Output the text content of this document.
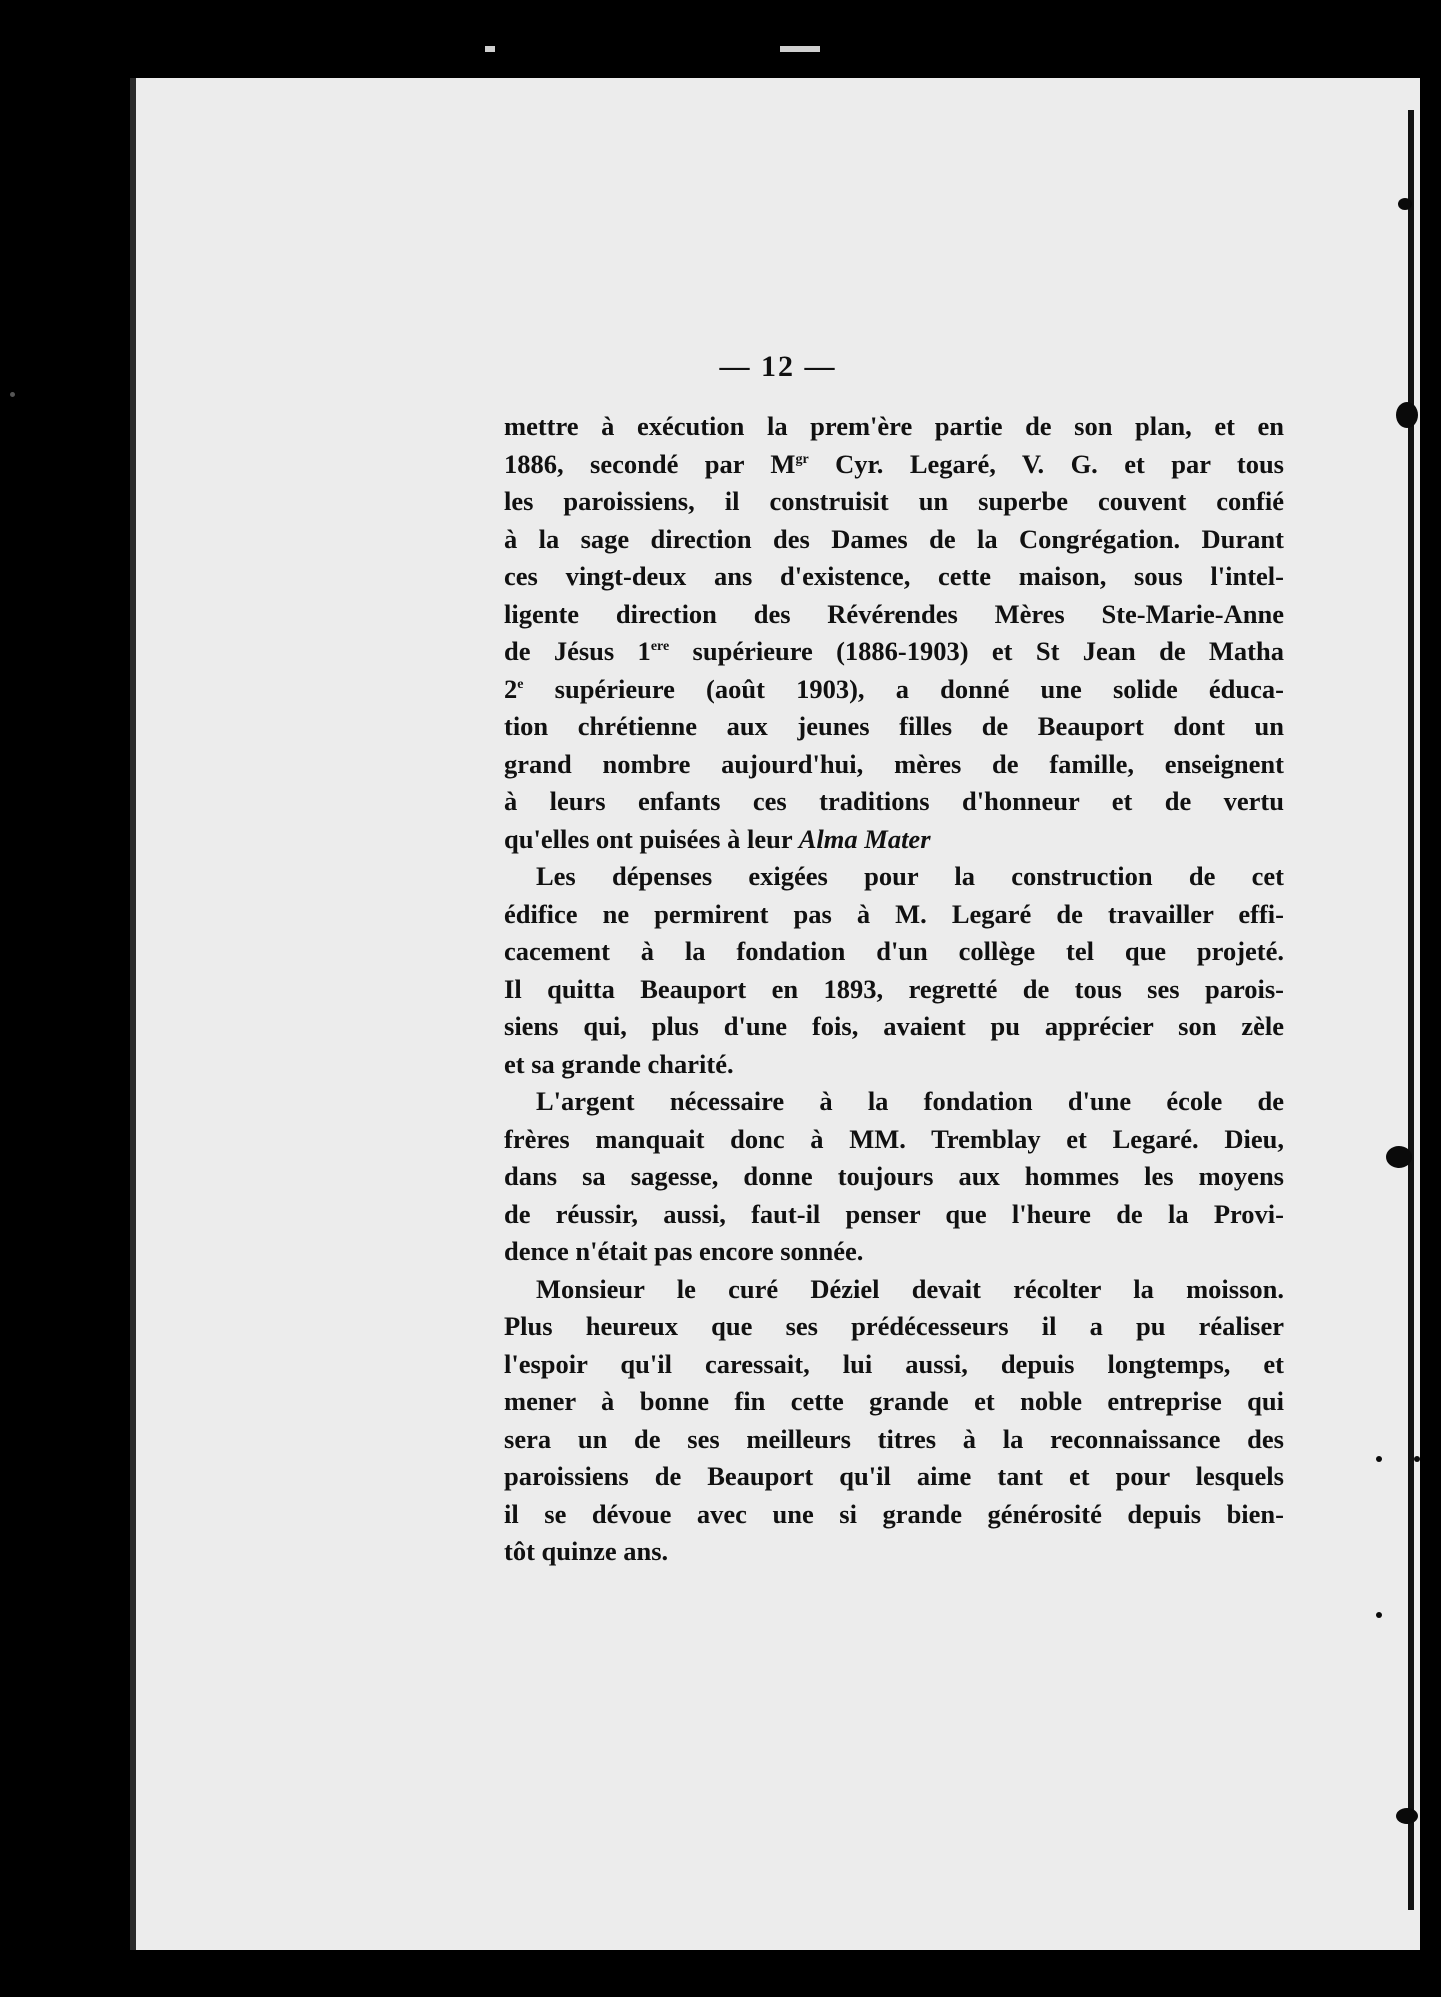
— 12 —
mettre à exécution la prem'ère partie de son plan, et en
1886, secondé par $M^{gr}$ Cyr. Legaré, V. G. et par tous
les paroissiens, il construisit un superbe couvent confié
à la sage direction des Dames de la Congrégation. Durant
ces vingt-deux ans d'existence, cette maison, sous l'intel-
ligente direction des Révérendes Mères Ste-Marie-Anne
de Jésus 1ere supérieure (1886-1903) et St Jean de Matha
2e supérieure (août 1903), a donné une solide éduca-
tion chrétienne aux jeunes filles de Beauport dont un
grand nombre aujourd'hui, mères de famille, enseignent
à leurs enfants ces traditions d'honneur et de vertu
qu'elles ont puisées à leur Alma Mater
Les dépenses exigées pour la construction de cet
édifice ne permirent pas à M. Legaré de travailler effi-
cacement à la fondation d'un collège tel que projeté.
Il quitta Beauport en 1893, regretté de tous ses parois-
siens qui, plus d'une fois, avaient pu apprécier son zèle
et sa grande charité.
L'argent nécessaire à la fondation d'une école de
frères manquait donc à MM. Tremblay et Legaré. Dieu,
dans sa sagesse, donne toujours aux hommes les moyens
de réussir, aussi, faut-il penser que l'heure de la Provi-
dence n'était pas encore sonnée.
Monsieur le curé Déziel devait récolter la moisson.
Plus heureux que ses prédécesseurs il a pu réaliser
l'espoir qu'il caressait, lui aussi, depuis longtemps, et
mener à bonne fin cette grande et noble entreprise qui
sera un de ses meilleurs titres à la reconnaissance des
paroissiens de Beauport qu'il aime tant et pour lesquels
il se dévoue avec une si grande générosité depuis bien-
tôt quinze ans.
